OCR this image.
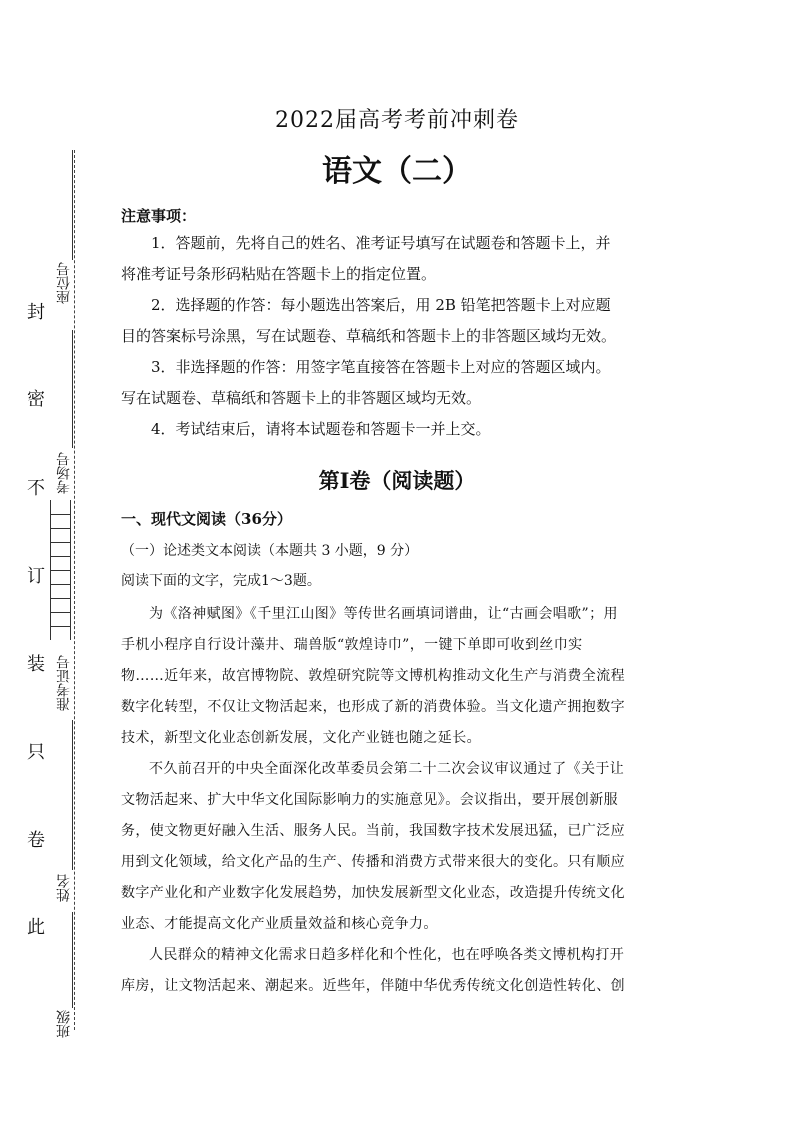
2022届高考考前冲刺卷
语文（二）
注意事项：
1．答题前，先将自己的姓名、准考证号填写在试题卷和答题卡上，并
将准考证号条形码粘贴在答题卡上的指定位置。
2．选择题的作答：每小题选出答案后，用 2B 铅笔把答题卡上对应题
目的答案标号涂黑，写在试题卷、草稿纸和答题卡上的非答题区域均无效。
3．非选择题的作答：用签字笔直接答在答题卡上对应的答题区域内。
写在试题卷、草稿纸和答题卡上的非答题区域均无效。
4．考试结束后，请将本试题卷和答题卡一并上交。
第Ⅰ卷（阅读题）
一、现代文阅读（36分）
（一）论述类文本阅读（本题共 3 小题，9 分）
阅读下面的文字，完成1～3题。
为《洛神赋图》《千里江山图》等传世名画填词谱曲，让“古画会唱歌”；用
手机小程序自行设计藻井、瑞兽版“敦煌诗巾”，一键下单即可收到丝巾实
物……近年来，故宫博物院、敦煌研究院等文博机构推动文化生产与消费全流程
数字化转型，不仅让文物活起来，也形成了新的消费体验。当文化遗产拥抱数字
技术，新型文化业态创新发展，文化产业链也随之延长。
不久前召开的中央全面深化改革委员会第二十二次会议审议通过了《关于让
文物活起来、扩大中华文化国际影响力的实施意见》。会议指出，要开展创新服
务，使文物更好融入生活、服务人民。当前，我国数字技术发展迅猛，已广泛应
用到文化领域，给文化产品的生产、传播和消费方式带来很大的变化。只有顺应
数字产业化和产业数字化发展趋势，加快发展新型文化业态，改造提升传统文化
业态、才能提高文化产业质量效益和核心竞争力。
人民群众的精神文化需求日趋多样化和个性化，也在呼唤各类文博机构打开
库房，让文物活起来、潮起来。近些年，伴随中华优秀传统文化创造性转化、创
封
密
不
订
装
只
卷
此
座位号
考场号
准考证号
姓名
班级
